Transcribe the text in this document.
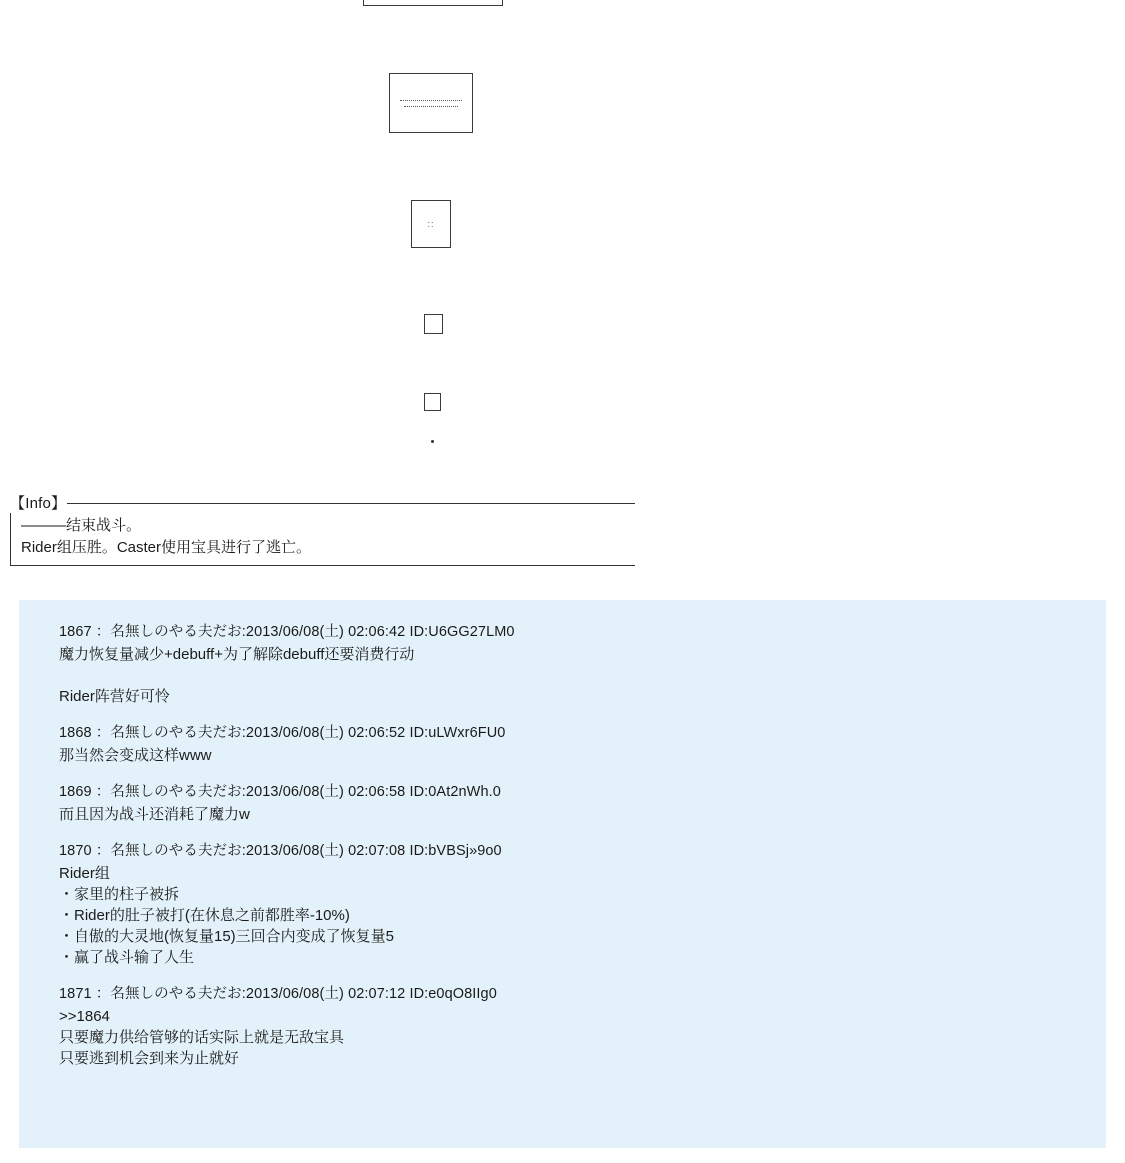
::
【Info】
———结束战斗。
Rider组压胜。Caster使用宝具进行了逃亡。
1867 ：名無しのやる夫だお:2013/06/08(土) 02:06:42 ID:U6GG27LM0
魔力恢复量减少+debuff+为了解除debuff还要消费行动
Rider阵营好可怜
1868 ：名無しのやる夫だお:2013/06/08(土) 02:06:52 ID:uLWxr6FU0
那当然会变成这样www
1869 ：名無しのやる夫だお:2013/06/08(土) 02:06:58 ID:0At2nWh.0
而且因为战斗还消耗了魔力w
1870 ：名無しのやる夫だお:2013/06/08(土) 02:07:08 ID:bVBSj»9o0
Rider组
・家里的柱子被拆
・Rider的肚子被打(在休息之前都胜率-10%)
・自傲的大灵地(恢复量15)三回合内变成了恢复量5
・赢了战斗输了人生
1871 ：名無しのやる夫だお:2013/06/08(土) 02:07:12 ID:e0qO8IIg0
>>1864
只要魔力供给管够的话实际上就是无敌宝具
只要逃到机会到来为止就好
